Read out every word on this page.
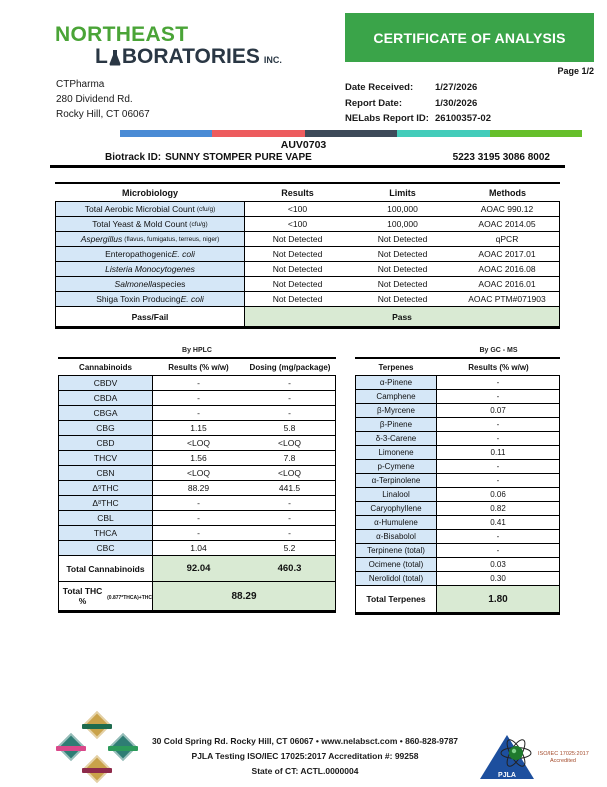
NORTHEAST
L BORATORIES INC.
CTPharma
280 Dividend Rd.
Rocky Hill, CT 06067
CERTIFICATE OF ANALYSIS
Page 1/2
Date Received:	1/27/2026
Report Date:	1/30/2026
NELabs Report ID: 26100357-02
AUV0703
Biotrack ID: SUNNY STOMPER PURE VAPE	5223 3195 3086 8002
Microbiology	Results	Limits	Methods
Total Aerobic Microbial Count (cfu/g)	<100	100,000	AOAC 990.12
Total Yeast & Mold Count (cfu/g)	<100	100,000	AOAC 2014.05
Aspergillus (flavus, fumigatus, terreus, niger)	Not Detected	Not Detected	qPCR
Enteropathogenic E. coli	Not Detected	Not Detected	AOAC 2017.01
Listeria Monocytogenes	Not Detected	Not Detected	AOAC 2016.08
Salmonella species	Not Detected	Not Detected	AOAC 2016.01
Shiga Toxin Producing E. coli	Not Detected	Not Detected	AOAC PTM#071903
Pass/Fail	Pass
By HPLC
Cannabinoids	Results (% w/w)	Dosing (mg/package)
CBDV	-	-
CBDA	-	-
CBGA	-	-
CBG	1.15	5.8
CBD	<LOQ	<LOQ
THCV	1.56	7.8
CBN	<LOQ	<LOQ
Δ 9 THC	88.29	441.5
Δ 8 THC	-	-
CBL	-	-
THCA	-	-
CBC	1.04	5.2
Total Cannabinoids	92.04	460.3
Total THC %	(0.877*THCA)+THC	88.29
By GC - MS
Terpenes	Results (% w/w)
α-Pinene	-
Camphene	-
β-Myrcene	0.07
β-Pinene	-
δ-3-Carene	-
Limonene	0.11
p-Cymene	-
α-Terpinolene	-
Linalool	0.06
Caryophyllene	0.82
α-Humulene	0.41
α-Bisabolol	-
Terpinene (total)	-
Ocimene (total)	0.03
Nerolidol (total)	0.30
Total Terpenes	1.80
30 Cold Spring Rd. Rocky Hill, CT 06067 • www.nelabsct.com • 860-828-9787
PJLA Testing ISO/IEC 17025:2017 Accreditation #: 99258
State of CT: ACTL.0000004	PJLA
ISO/IEC 17025:2017
Accredited
